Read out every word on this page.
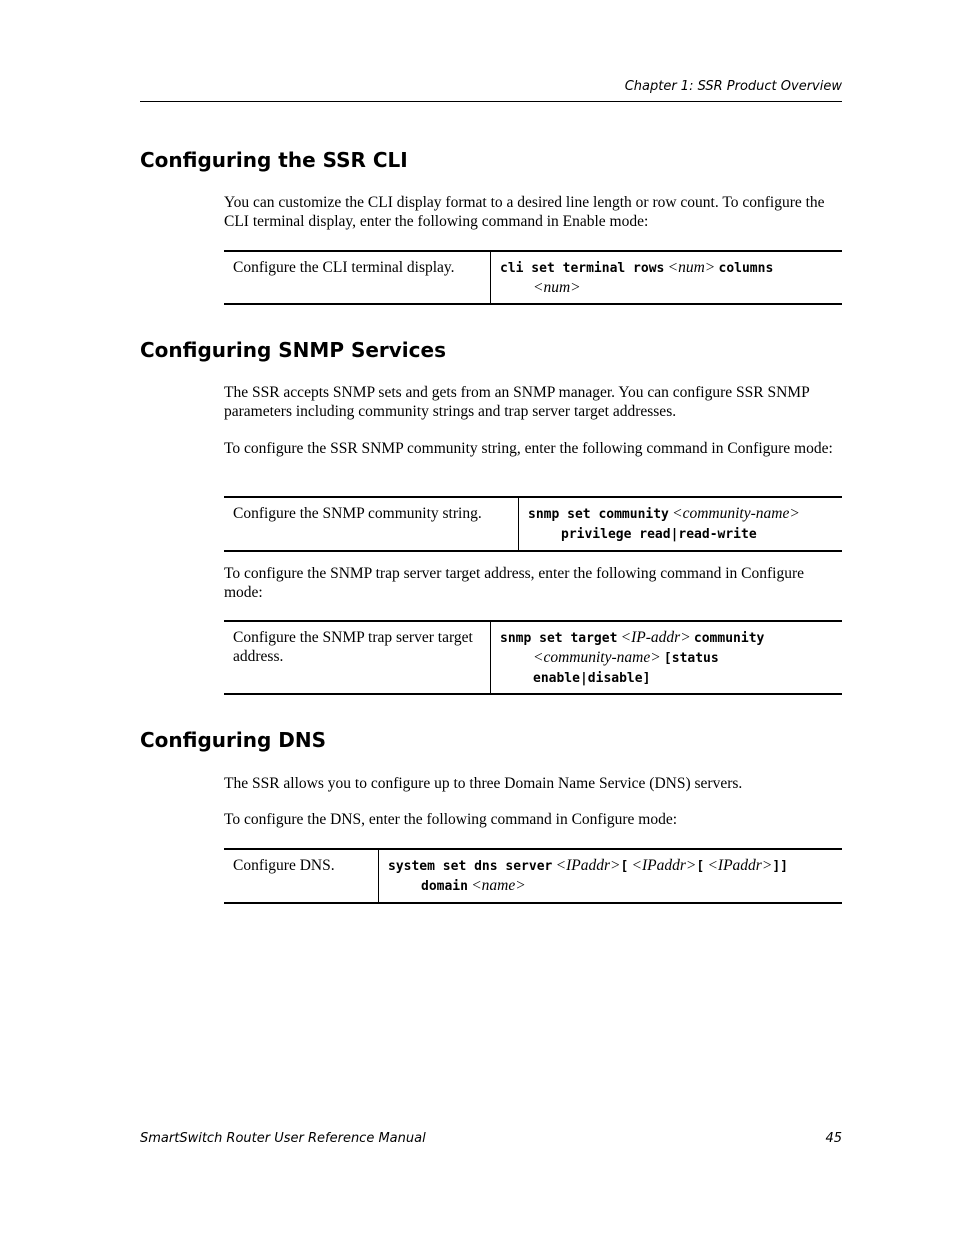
Chapter 1: SSR Product Overview
Configuring the SSR CLI

You can customize the CLI display format to a desired line length or row count. To configure the CLI terminal display, enter the following command in Enable mode:

Configure the CLI terminal display.	cli set terminal rows <num> columns
<num>
Configuring SNMP Services

The SSR accepts SNMP sets and gets from an SNMP manager. You can configure SSR SNMP parameters including community strings and trap server target addresses.

To configure the SSR SNMP community string, enter the following command in Configure mode:

Configure the SNMP community string.	snmp set community <community-name>
privilege read|read-write

To configure the SNMP trap server target address, enter the following command in Configure mode:

Configure the SNMP trap server target address.
snmp set target <IP-addr> community
<community-name> [status
enable|disable]
Configuring DNS

The SSR allows you to configure up to three Domain Name Service (DNS) servers.

To configure the DNS, enter the following command in Configure mode:

Configure DNS.	system set dns server <IPaddr>[ <IPaddr>[ <IPaddr>]]
domain <name>
SmartSwitch Router User Reference Manual	45
